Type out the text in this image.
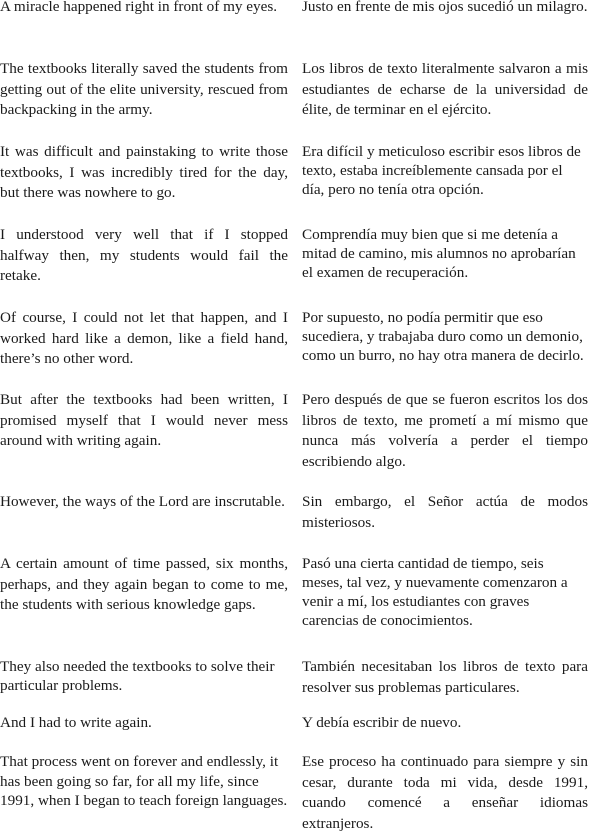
A miracle happened right in front of my eyes.

The textbooks literally saved the students from getting out of the elite university, rescued from backpacking in the army.

It was difficult and painstaking to write those textbooks, I was incredibly tired for the day, but there was nowhere to go.

I understood very well that if I stopped halfway then, my students would fail the retake.

Of course, I could not let that happen, and I worked hard like a demon, like a field hand, there’s no other word.

But after the textbooks had been written, I promised myself that I would never mess around with writing again.

However, the ways of the Lord are inscrutable.

A certain amount of time passed, six months, perhaps, and they again began to come to me, the students with serious knowledge gaps.

They also needed the textbooks to solve their particular problems.

And I had to write again.

That process went on forever and endlessly, it has been going so far, for all my life, since 1991, when I began to teach foreign languages.

Justo en frente de mis ojos sucedió un milagro.

Los libros de texto literalmente salvaron a mis estudiantes de echarse de la universidad de élite, de terminar en el ejército.

Era difícil y meticuloso escribir esos libros de texto, estaba increíblemente cansada por el día, pero no tenía otra opción.

Comprendía muy bien que si me detenía a mitad de camino, mis alumnos no aprobarían el examen de recuperación.

Por supuesto, no podía permitir que eso sucediera, y trabajaba duro como un demonio, como un burro, no hay otra manera de decirlo.

Pero después de que se fueron escritos los dos libros de texto, me prometí a mí mismo que nunca más volvería a perder el tiempo escribiendo algo.

Sin embargo, el Señor actúa de modos misteriosos.

Pasó una cierta cantidad de tiempo, seis meses, tal vez, y nuevamente comenzaron a venir a mí, los estudiantes con graves carencias de conocimientos.

También necesitaban los libros de texto para resolver sus problemas particulares.

Y debía escribir de nuevo.

Ese proceso ha continuado para siempre y sin cesar, durante toda mi vida, desde 1991, cuando comencé a enseñar idiomas extranjeros.
